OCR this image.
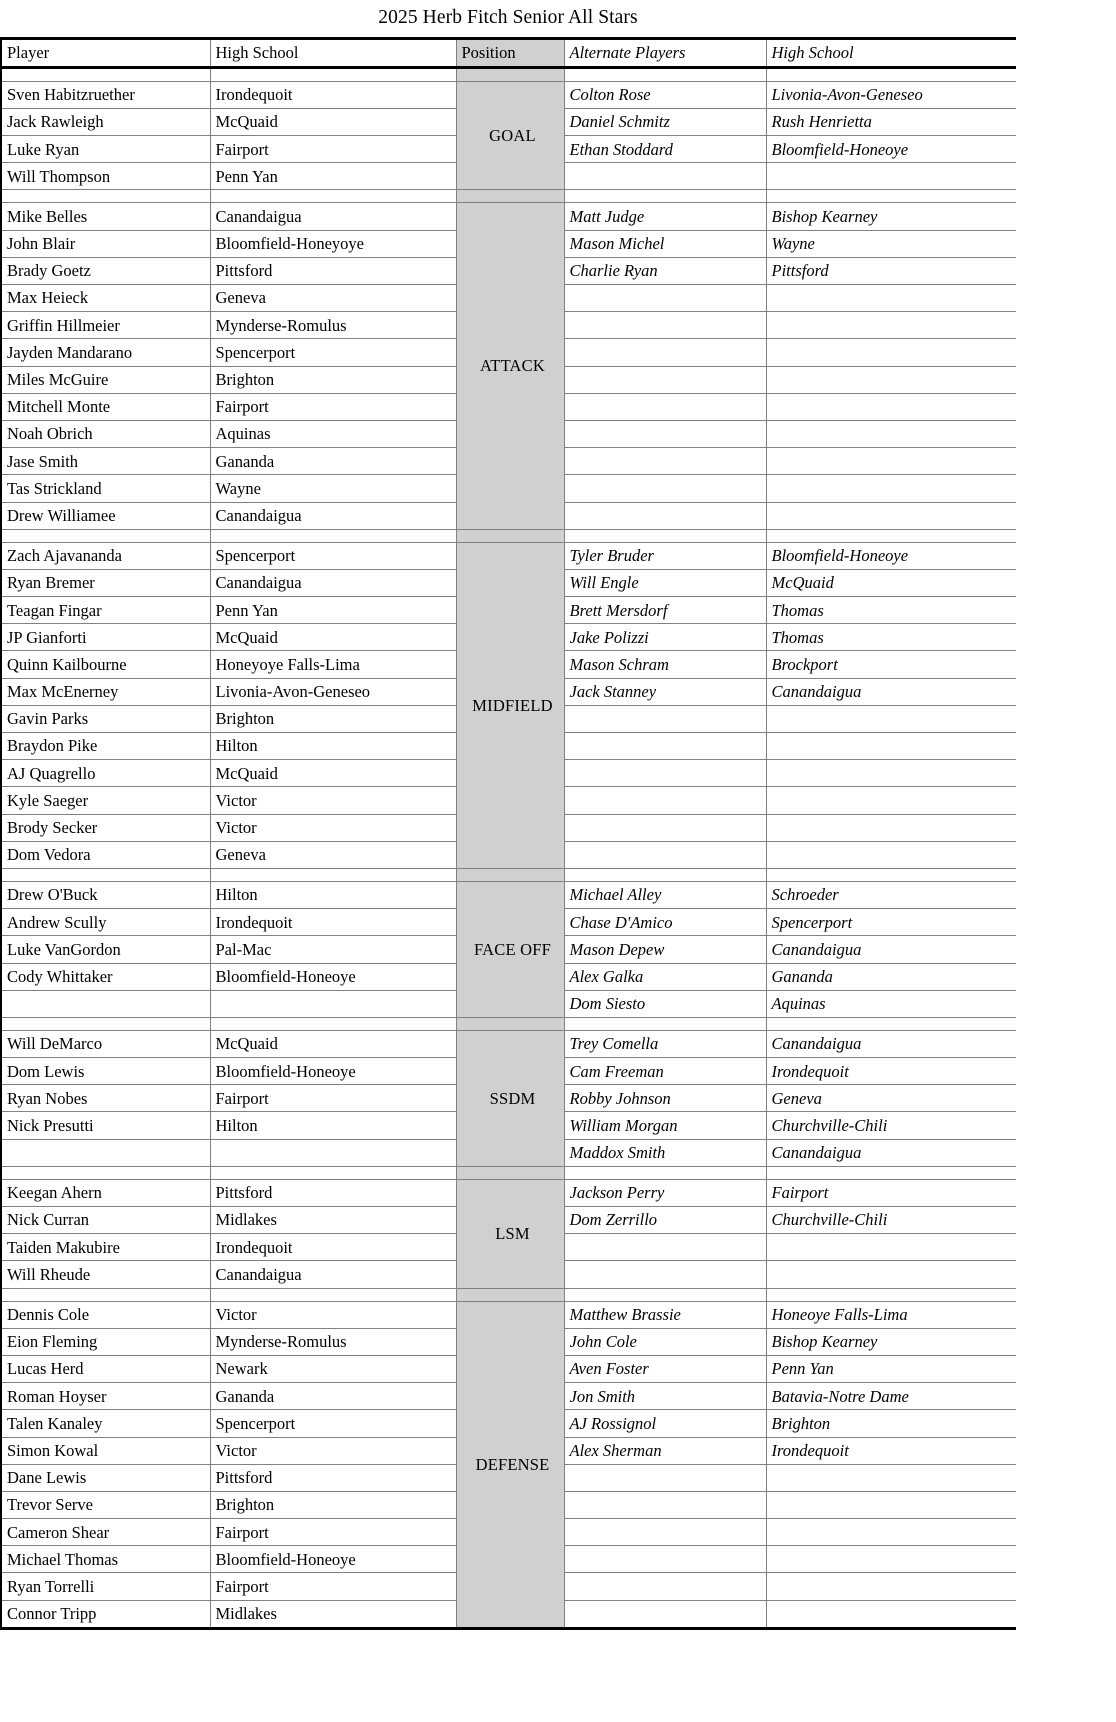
2025 Herb Fitch Senior All Stars
Player	High School	Position	Alternate Players	High School

Sven Habitzruether	Irondequoit	GOAL	Colton Rose	Livonia-Avon-Geneseo
Jack Rawleigh	McQuaid		Daniel Schmitz	Rush Henrietta
Luke Ryan	Fairport		Ethan Stoddard	Bloomfield-Honeoye
Will Thompson	Penn Yan			

Mike Belles	Canandaigua	ATTACK	Matt Judge	Bishop Kearney
John Blair	Bloomfield-Honeyoye		Mason Michel	Wayne
Brady Goetz	Pittsford		Charlie Ryan	Pittsford
Max Heieck	Geneva			
Griffin Hillmeier	Mynderse-Romulus			
Jayden Mandarano	Spencerport			
Miles McGuire	Brighton			
Mitchell Monte	Fairport			
Noah Obrich	Aquinas			
Jase Smith	Gananda			
Tas Strickland	Wayne			
Drew Williamee	Canandaigua			

Zach Ajavananda	Spencerport	MIDFIELD	Tyler Bruder	Bloomfield-Honeoye
Ryan Bremer	Canandaigua		Will Engle	McQuaid
Teagan Fingar	Penn Yan		Brett Mersdorf	Thomas
JP Gianforti	McQuaid		Jake Polizzi	Thomas
Quinn Kailbourne	Honeyoye Falls-Lima		Mason Schram	Brockport
Max McEnerney	Livonia-Avon-Geneseo		Jack Stanney	Canandaigua
Gavin Parks	Brighton			
Braydon Pike	Hilton			
AJ Quagrello	McQuaid			
Kyle Saeger	Victor			
Brody Secker	Victor			
Dom Vedora	Geneva			

Drew O'Buck	Hilton	FACE OFF	Michael Alley	Schroeder
Andrew Scully	Irondequoit		Chase D'Amico	Spencerport
Luke VanGordon	Pal-Mac		Mason Depew	Canandaigua
Cody Whittaker	Bloomfield-Honeoye		Alex Galka	Gananda
			Dom Siesto	Aquinas

Will DeMarco	McQuaid	SSDM	Trey Comella	Canandaigua
Dom Lewis	Bloomfield-Honeoye		Cam Freeman	Irondequoit
Ryan Nobes	Fairport		Robby Johnson	Geneva
Nick Presutti	Hilton		William Morgan	Churchville-Chili
			Maddox Smith	Canandaigua

Keegan Ahern	Pittsford	LSM	Jackson Perry	Fairport
Nick Curran	Midlakes		Dom Zerrillo	Churchville-Chili
Taiden Makubire	Irondequoit			
Will Rheude	Canandaigua			

Dennis Cole	Victor	DEFENSE	Matthew Brassie	Honeoye Falls-Lima
Eion Fleming	Mynderse-Romulus		John Cole	Bishop Kearney
Lucas Herd	Newark		Aven Foster	Penn Yan
Roman Hoyser	Gananda		Jon Smith	Batavia-Notre Dame
Talen Kanaley	Spencerport		AJ Rossignol	Brighton
Simon Kowal	Victor		Alex Sherman	Irondequoit
Dane Lewis	Pittsford			
Trevor Serve	Brighton			
Cameron Shear	Fairport			
Michael Thomas	Bloomfield-Honeoye			
Ryan Torrelli	Fairport			
Connor Tripp	Midlakes			
